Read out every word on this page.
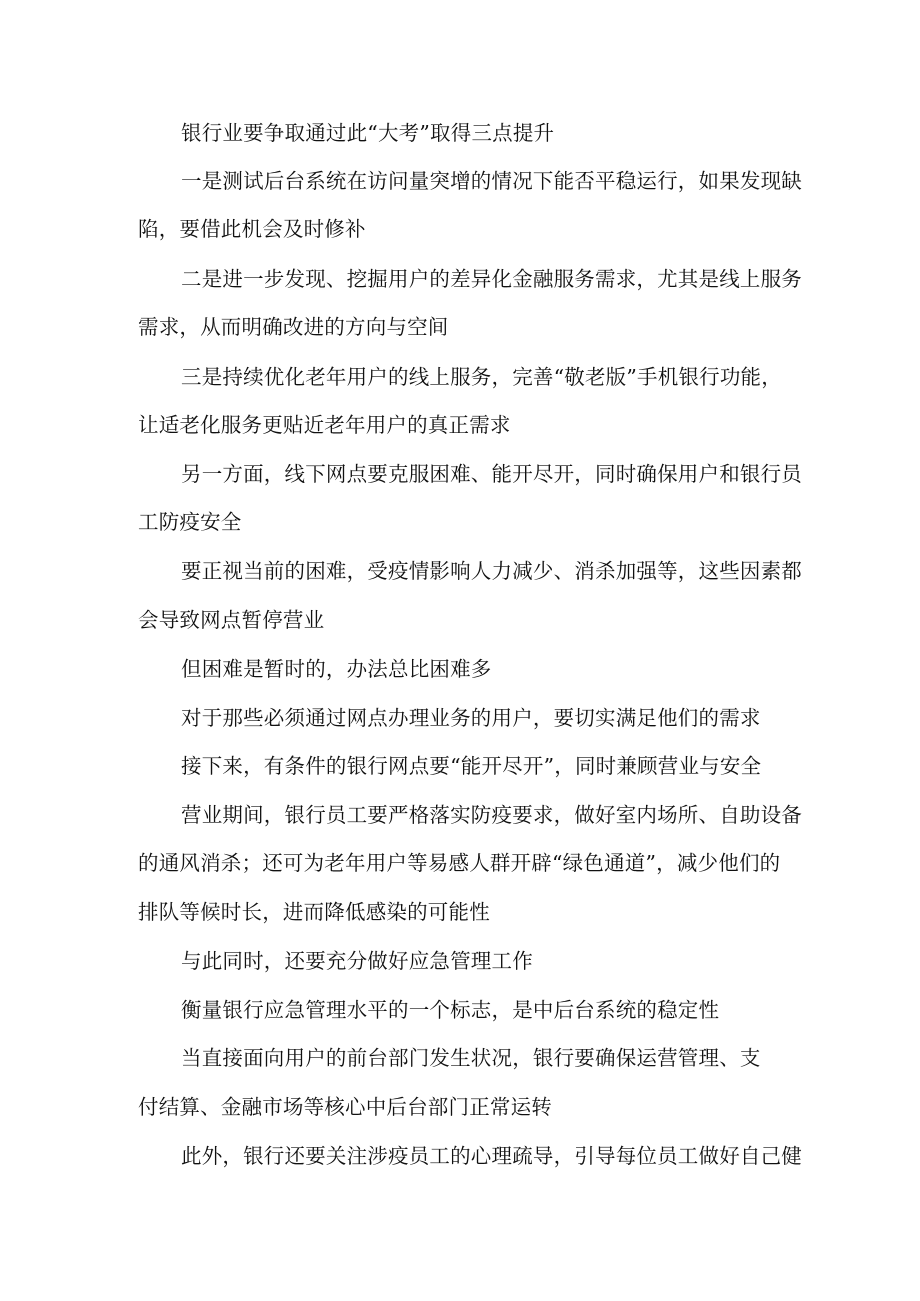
银行业要争取通过此“大考”取得三点提升
一是测试后台系统在访问量突增的情况下能否平稳运行，如果发现缺
陷，要借此机会及时修补
二是进一步发现、挖掘用户的差异化金融服务需求，尤其是线上服务
需求，从而明确改进的方向与空间
三是持续优化老年用户的线上服务，完善“敬老版”手机银行功能，
让适老化服务更贴近老年用户的真正需求
另一方面，线下网点要克服困难、能开尽开，同时确保用户和银行员
工防疫安全
要正视当前的困难，受疫情影响人力减少、消杀加强等，这些因素都
会导致网点暂停营业
但困难是暂时的，办法总比困难多
对于那些必须通过网点办理业务的用户，要切实满足他们的需求
接下来，有条件的银行网点要“能开尽开”，同时兼顾营业与安全
营业期间，银行员工要严格落实防疫要求，做好室内场所、自助设备
的通风消杀；还可为老年用户等易感人群开辟“绿色通道”，减少他们的
排队等候时长，进而降低感染的可能性
与此同时，还要充分做好应急管理工作
衡量银行应急管理水平的一个标志，是中后台系统的稳定性
当直接面向用户的前台部门发生状况，银行要确保运营管理、支
付结算、金融市场等核心中后台部门正常运转
此外，银行还要关注涉疫员工的心理疏导，引导每位员工做好自己健
